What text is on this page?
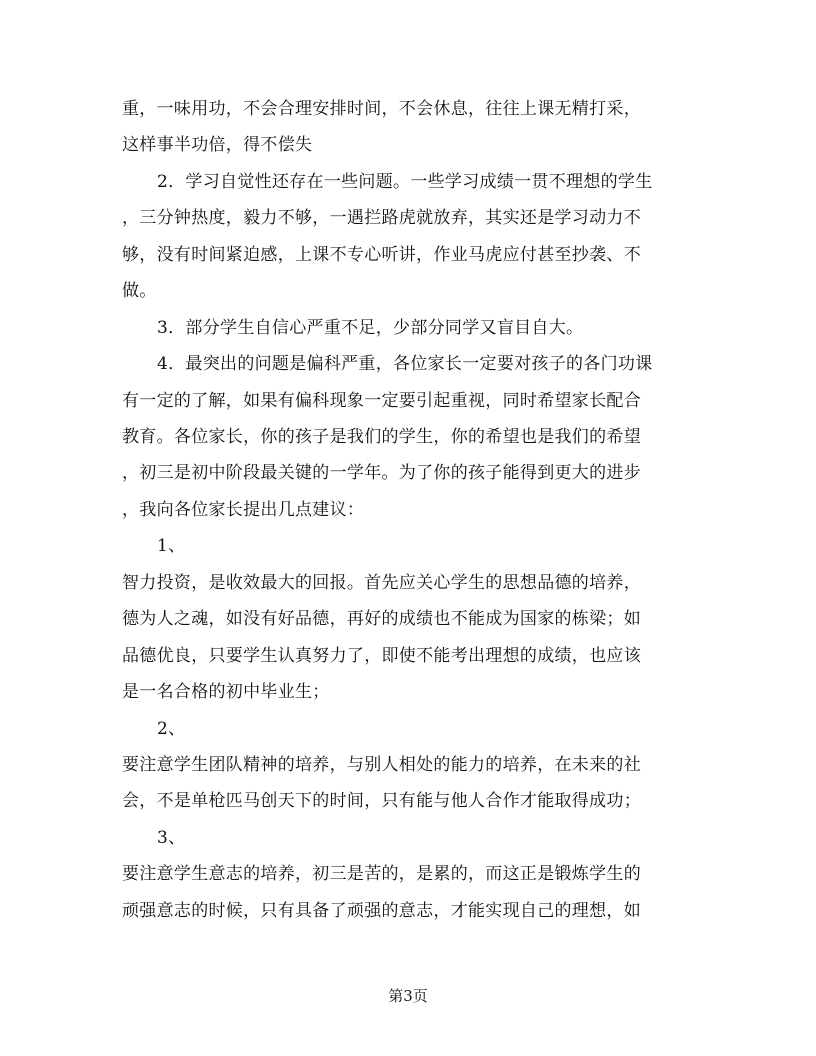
重，一味用功，不会合理安排时间，不会休息，往往上课无精打采，
这样事半功倍，得不偿失
2．学习自觉性还存在一些问题。一些学习成绩一贯不理想的学生
，三分钟热度，毅力不够，一遇拦路虎就放弃，其实还是学习动力不
够，没有时间紧迫感，上课不专心听讲，作业马虎应付甚至抄袭、不
做。
3．部分学生自信心严重不足，少部分同学又盲目自大。
4．最突出的问题是偏科严重，各位家长一定要对孩子的各门功课
有一定的了解，如果有偏科现象一定要引起重视，同时希望家长配合
教育。各位家长，你的孩子是我们的学生，你的希望也是我们的希望
，初三是初中阶段最关键的一学年。为了你的孩子能得到更大的进步
，我向各位家长提出几点建议：
1、
智力投资，是收效最大的回报。首先应关心学生的思想品德的培养，
德为人之魂，如没有好品德，再好的成绩也不能成为国家的栋梁；如
品德优良，只要学生认真努力了，即使不能考出理想的成绩，也应该
是一名合格的初中毕业生；
2、
要注意学生团队精神的培养，与别人相处的能力的培养，在未来的社
会，不是单枪匹马创天下的时间，只有能与他人合作才能取得成功；
3、
要注意学生意志的培养，初三是苦的，是累的，而这正是锻炼学生的
顽强意志的时候，只有具备了顽强的意志，才能实现自己的理想，如
第3页
